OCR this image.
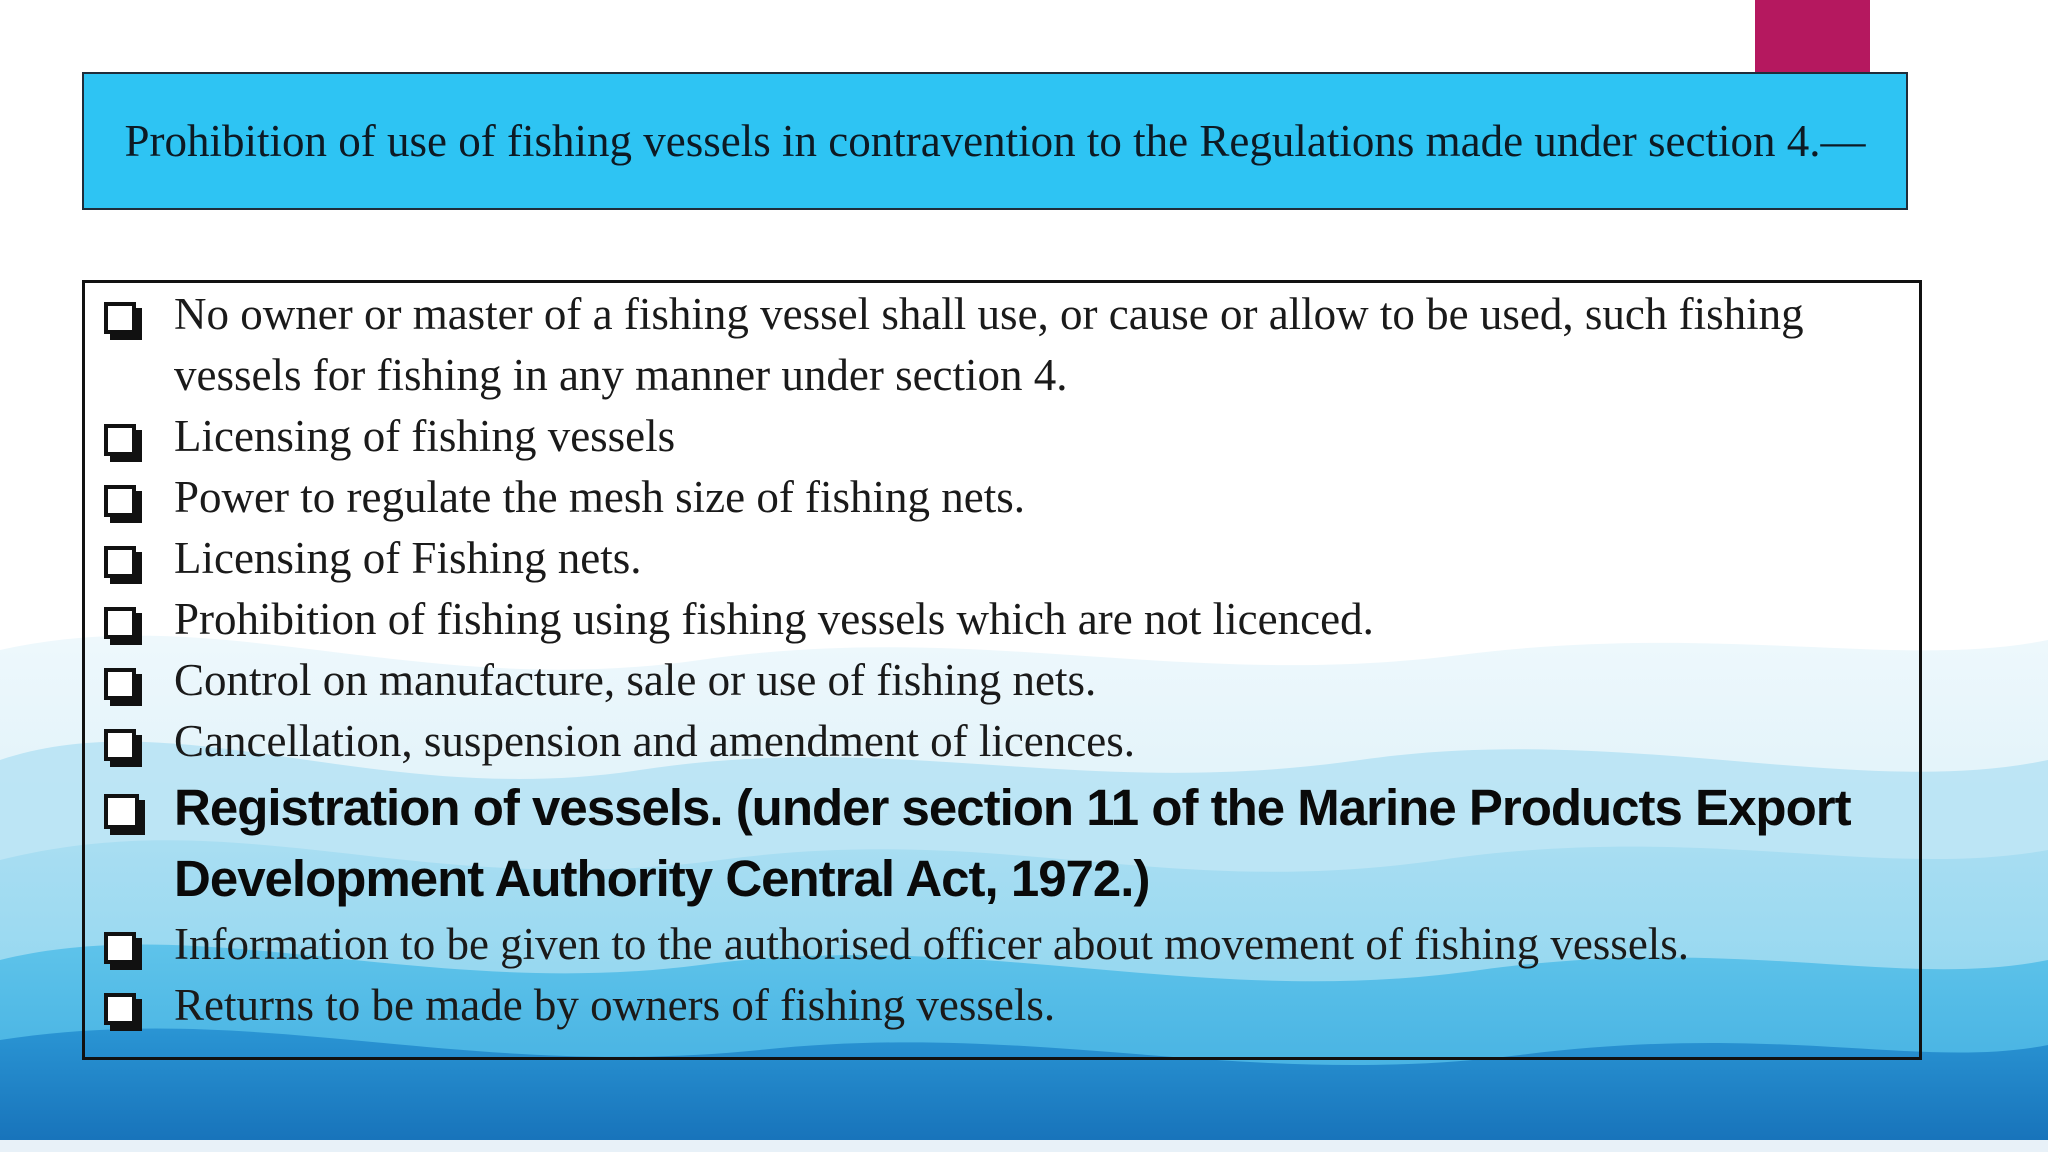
Prohibition of use of fishing vessels in contravention to the Regulations made under section 4.—
No owner or master of a fishing vessel shall use, or cause or allow to be used, such fishing vessels for fishing in any manner under section 4.
Licensing of fishing vessels
Power to regulate the mesh size of fishing nets.
Licensing of Fishing nets.
Prohibition of fishing using fishing vessels which are not licenced.
Control on manufacture, sale or use of fishing nets.
Cancellation, suspension and amendment of licences.
Registration of vessels. (under section 11 of the Marine Products Export Development Authority Central Act, 1972.)
Information to be given to the authorised officer about movement of fishing vessels.
Returns to be made by owners of fishing vessels.
